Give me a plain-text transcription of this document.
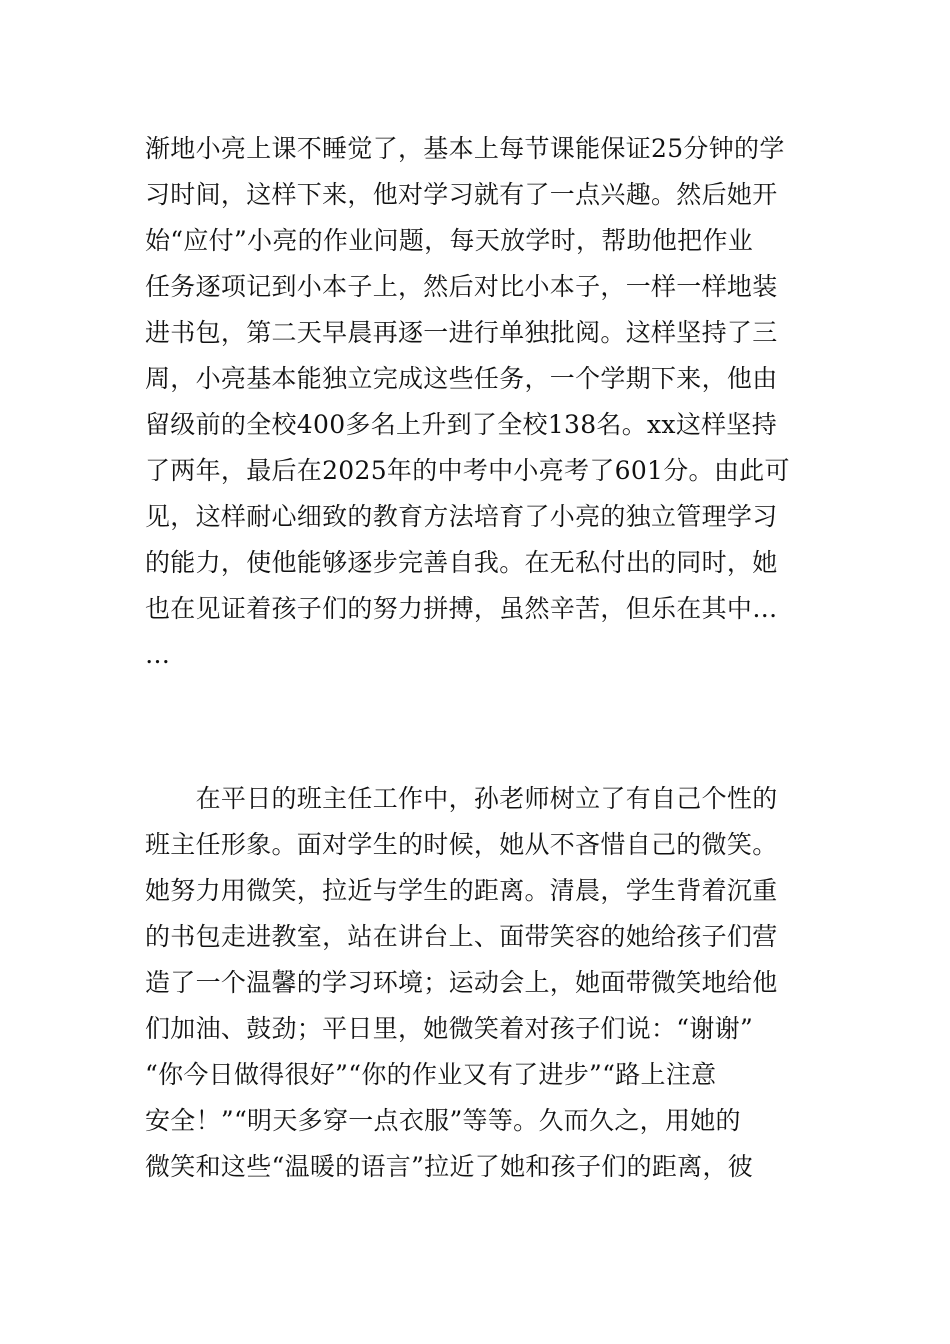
渐地小亮上课不睡觉了，基本上每节课能保证25分钟的学
习时间，这样下来，他对学习就有了一点兴趣。然后她开
始“应付”小亮的作业问题，每天放学时，帮助他把作业
任务逐项记到小本子上，然后对比小本子，一样一样地装
进书包，第二天早晨再逐一进行单独批阅。这样坚持了三
周，小亮基本能独立完成这些任务，一个学期下来，他由
留级前的全校400多名上升到了全校138名。xx这样坚持
了两年，最后在2025年的中考中小亮考了601分。由此可
见，这样耐心细致的教育方法培育了小亮的独立管理学习
的能力，使他能够逐步完善自我。在无私付出的同时，她
也在见证着孩子们的努力拼搏，虽然辛苦，但乐在其中…
…
　　在平日的班主任工作中，孙老师树立了有自己个性的
班主任形象。面对学生的时候，她从不吝惜自己的微笑。
她努力用微笑，拉近与学生的距离。清晨，学生背着沉重
的书包走进教室，站在讲台上、面带笑容的她给孩子们营
造了一个温馨的学习环境；运动会上，她面带微笑地给他
们加油、鼓劲；平日里，她微笑着对孩子们说：“谢谢”
“你今日做得很好”“你的作业又有了进步”“路上注意
安全！”“明天多穿一点衣服”等等。久而久之，用她的
微笑和这些“温暖的语言”拉近了她和孩子们的距离，彼
